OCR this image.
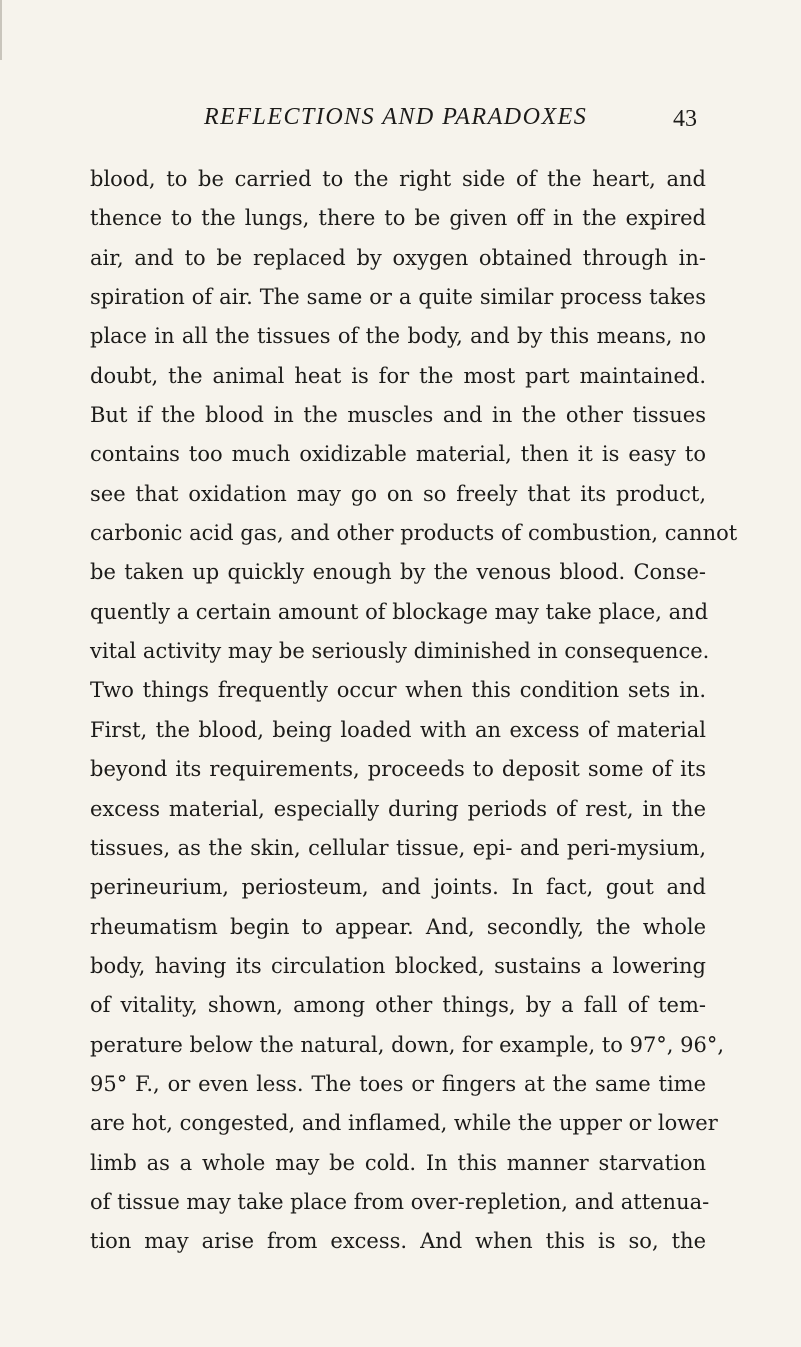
REFLECTIONS AND PARADOXES	43
blood, to be carried to the right side of the heart, and
thence to the lungs, there to be given off in the expired
air, and to be replaced by oxygen obtained through in-
spiration of air. The same or a quite similar process takes
place in all the tissues of the body, and by this means, no
doubt, the animal heat is for the most part maintained.
But if the blood in the muscles and in the other tissues
contains too much oxidizable material, then it is easy to
see that oxidation may go on so freely that its product,
carbonic acid gas, and other products of combustion, cannot
be taken up quickly enough by the venous blood. Conse-
quently a certain amount of blockage may take place, and
vital activity may be seriously diminished in consequence.
Two things frequently occur when this condition sets in.
First, the blood, being loaded with an excess of material
beyond its requirements, proceeds to deposit some of its
excess material, especially during periods of rest, in the
tissues, as the skin, cellular tissue, epi- and peri-mysium,
perineurium, periosteum, and joints. In fact, gout and
rheumatism begin to appear. And, secondly, the whole
body, having its circulation blocked, sustains a lowering
of vitality, shown, among other things, by a fall of tem-
perature below the natural, down, for example, to 97°, 96°,
95° F., or even less. The toes or fingers at the same time
are hot, congested, and inflamed, while the upper or lower
limb as a whole may be cold. In this manner starvation
of tissue may take place from over-repletion, and attenua-
tion may arise from excess. And when this is so, the
